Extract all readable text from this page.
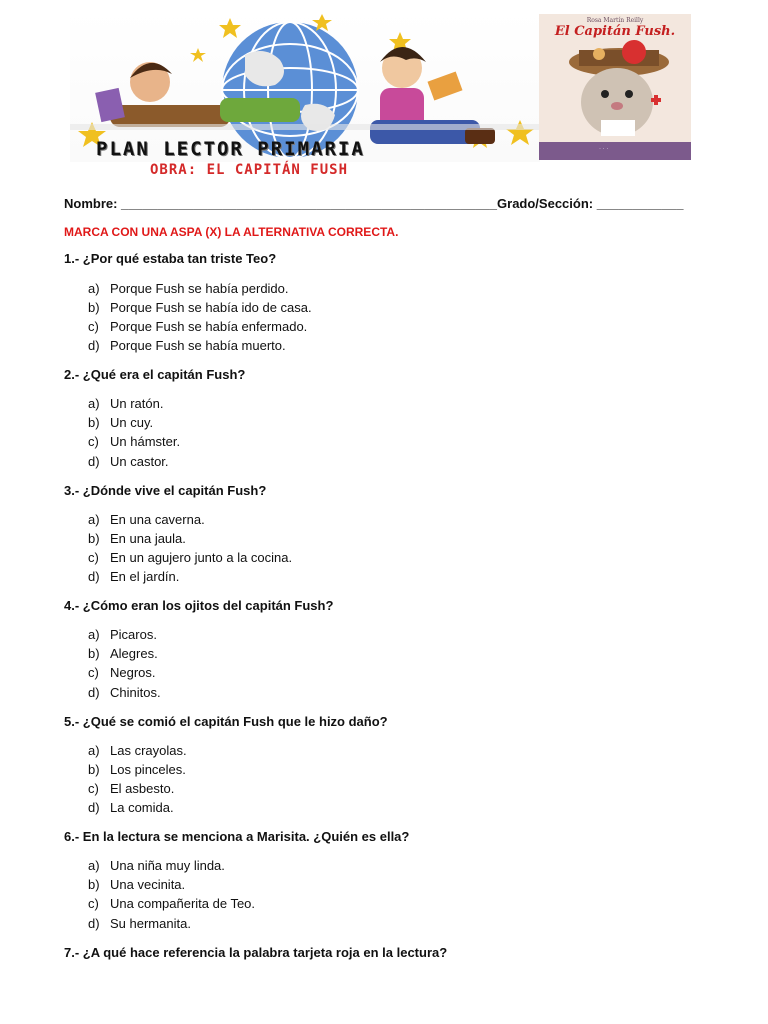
PLAN LECTOR PRIMARIA
OBRA: EL CAPITÁN FUSH
Rosa Martín Reilly
El Capitán Fush.
· · ·
Nombre: ____________________________________________________Grado/Sección: ____________
MARCA CON UNA ASPA (X) LA ALTERNATIVA CORRECTA.
1.- ¿Por qué estaba tan triste Teo?
a) Porque Fush se había perdido.
b) Porque Fush se había ido de casa.
c) Porque Fush se había enfermado.
d) Porque Fush se había muerto.
2.- ¿Qué era el capitán Fush?
a) Un ratón.
b) Un cuy.
c) Un hámster.
d) Un castor.
3.- ¿Dónde vive el capitán Fush?
a) En una caverna.
b) En una jaula.
c) En un agujero junto a la cocina.
d) En el jardín.
4.- ¿Cómo eran los ojitos del capitán Fush?
a) Picaros.
b) Alegres.
c) Negros.
d) Chinitos.
5.- ¿Qué se comió el capitán Fush que le hizo daño?
a) Las crayolas.
b) Los pinceles.
c) El asbesto.
d) La comida.
6.- En la lectura se menciona a Marisita. ¿Quién es ella?
a) Una niña muy linda.
b) Una vecinita.
c) Una compañerita de Teo.
d) Su hermanita.
7.- ¿A qué hace referencia la palabra tarjeta roja en la lectura?
